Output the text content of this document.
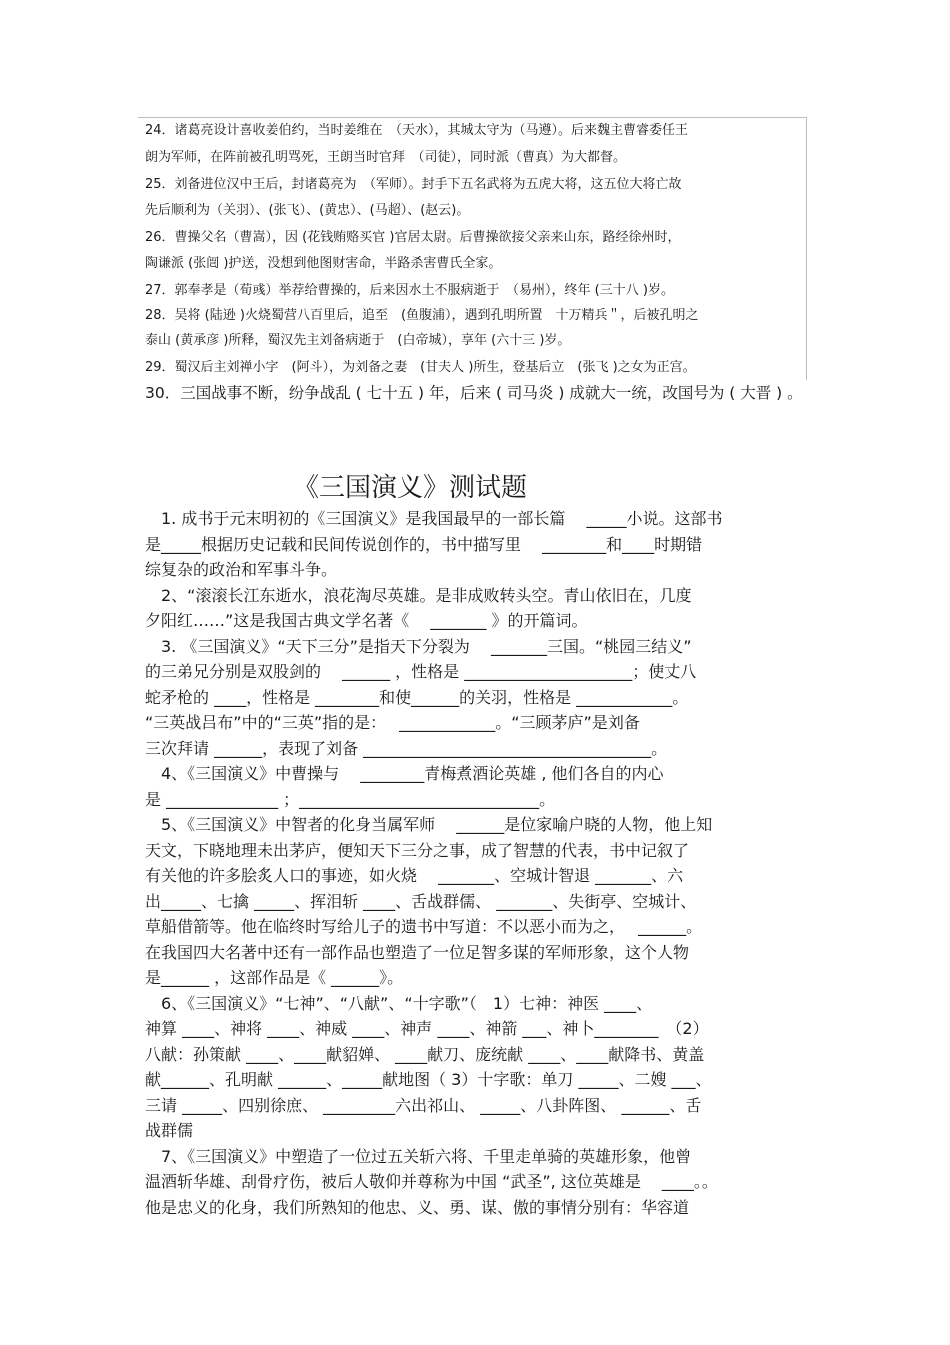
24．诸葛亮设计喜收姜伯约，当时姜维在　（天水），其城太守为（马遵）。后来魏主曹睿委任王
朗为军师，在阵前被孔明骂死，王朗当时官拜　（司徒），同时派（曹真）为大都督。
25．刘备进位汉中王后，封诸葛亮为　（军师）。封手下五名武将为五虎大将，这五位大将亡故
先后顺利为（关羽）、(张飞）、(黄忠）、(马超）、(赵云)。
26．曹操父名（曹嵩），因 (花钱贿赂买官 )官居太尉。后曹操欲接父亲来山东，路经徐州时，
陶谦派 (张闿 )护送，没想到他图财害命，半路杀害曹氏全家。
27．郭奉孝是（荀彧）举荐给曹操的，后来因水土不服病逝于　（易州），终年 (三十八 )岁。
28．吴将 (陆逊 )火烧蜀营八百里后，追至　(鱼腹浦），遇到孔明所置　十万精兵＂，后被孔明之
泰山 (黄承彦 )所释，蜀汉先主刘备病逝于　(白帝城），享年 (六十三 )岁。
29．蜀汉后主刘禅小字　(阿斗），为刘备之妻　(甘夫人 )所生，登基后立　(张飞 )之女为正宫。
30．三国战事不断，纷争战乱 ( 七十五 ) 年，后来 ( 司马炎 ) 成就大一统，改国号为 ( 大晋 ) 。
《三国演义》测试题
　1. 成书于元末明初的《三国演义》是我国最早的一部长篇　 _____小说。这部书
是_____根据历史记载和民间传说创作的，书中描写里　 ________和____时期错
综复杂的政治和军事斗争。
　2、“滚滚长江东逝水，浪花淘尽英雄。是非成败转头空。青山依旧在，几度
夕阳红……”这是我国古典文学名著《　 _______ 》的开篇词。
　3. 《三国演义》“天下三分”是指天下分裂为　 _______三国。“桃园三结义”
的三弟兄分别是双股剑的　 ______ ，性格是 _____________________；使丈八
蛇矛枪的 ____，性格是 ________和使______的关羽，性格是 ____________。
“三英战吕布”中的“三英”指的是：　 ____________。“三顾茅庐”是刘备
三次拜请 ______，表现了刘备 ____________________________________。
　4、《三国演义》中曹操与　 ________青梅煮酒论英雄 , 他们各自的内心
是 ______________ ；______________________________。
　5、《三国演义》中智者的化身当属军师　 ______是位家喻户晓的人物，他上知
天文，下晓地理未出茅庐，便知天下三分之事，成了智慧的代表，书中记叙了
有关他的许多脍炙人口的事迹，如火烧　 _______、空城计智退 _______、六
出_____、七擒 _____、挥泪斩 ____、舌战群儒、 _______、失街亭、空城计、
草船借箭等。他在临终时写给儿子的遗书中写道：不以恶小而为之，　 ______。
在我国四大名著中还有一部作品也塑造了一位足智多谋的军师形象，这个人物
是______ ，这部作品是《 ______》。
　6、《三国演义》“七神”、“八献”、“十字歌”（　1）七神：神医 ____、
神算 ____、神将 ____、神威 ____、神声 ____、神箭 ___、神卜________　（2）
八献：孙策献 ____、____献貂婵、 ____献刀、庞统献 ____、____献降书、黄盖
献______、孔明献 ______、_____献地图（ 3）十字歌：单刀 _____、二嫂 ___、
三请 _____、四别徐庶、 _________六出祁山、 _____、八卦阵图、 ______、舌
战群儒
　7、《三国演义》中塑造了一位过五关斩六将、千里走单骑的英雄形象，他曾
温酒斩华雄、刮骨疗伤，被后人敬仰并尊称为中国 “武圣”, 这位英雄是　 ____。。
他是忠义的化身，我们所熟知的他忠、义、勇、谋、傲的事情分别有：华容道
